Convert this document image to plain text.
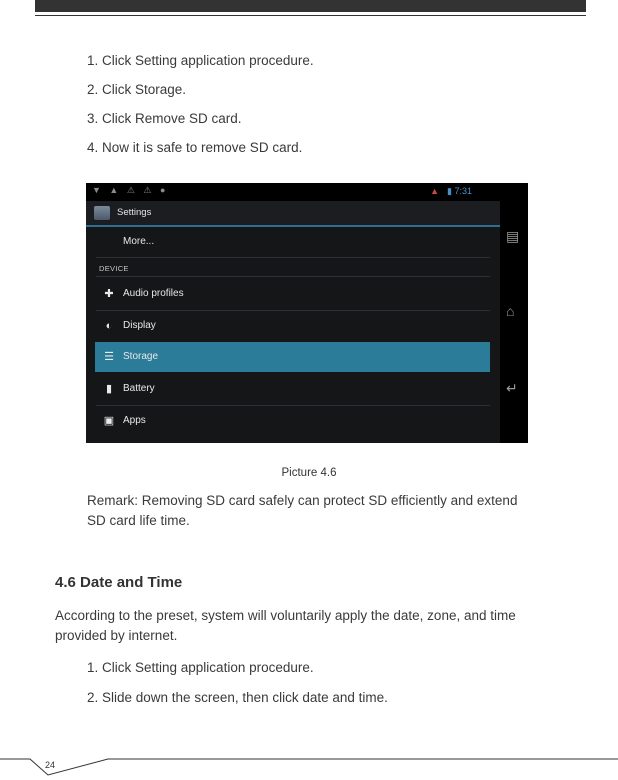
1. Click Setting application procedure.
2. Click Storage.
3. Click Remove SD card.
4. Now it is safe to remove SD card.
▼ ▲ ⚠ ⚠ ●	▲ ▮ 7:31
Settings
More...
DEVICE
✚ Audio profiles
◐ Display
☰ Storage
▮ Battery
▣ Apps
▤
⌂
↵
Picture 4.6
Remark: Removing SD card safely can protect SD efficiently and extend SD card life time.
4.6 Date and Time
According to the preset, system will voluntarily apply the date, zone, and time provided by internet.
1. Click Setting application procedure.
2. Slide down the screen, then click date and time.
24
